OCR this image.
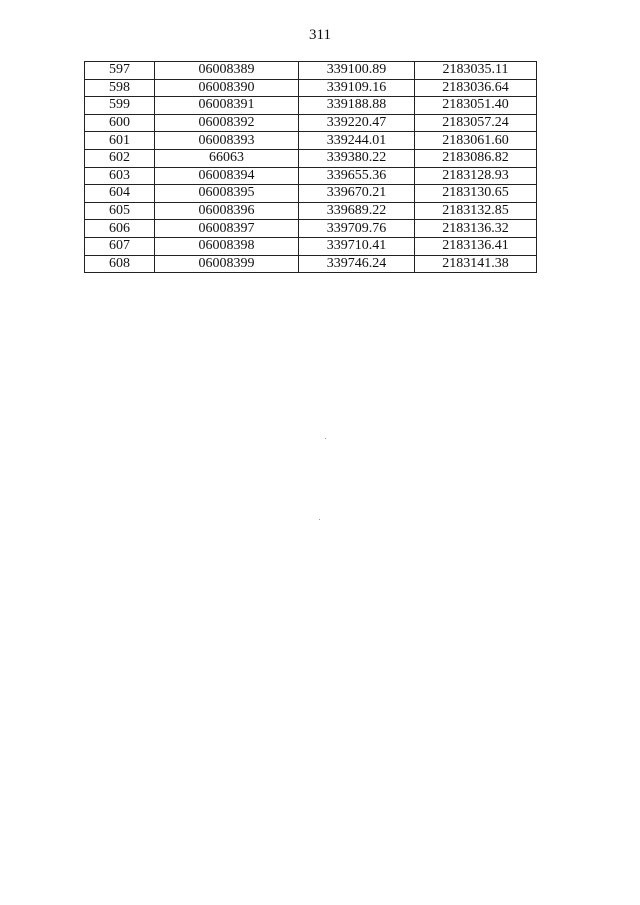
311
597	06008389	339100.89	2183035.11
598	06008390	339109.16	2183036.64
599	06008391	339188.88	2183051.40
600	06008392	339220.47	2183057.24
601	06008393	339244.01	2183061.60
602	66063	339380.22	2183086.82
603	06008394	339655.36	2183128.93
604	06008395	339670.21	2183130.65
605	06008396	339689.22	2183132.85
606	06008397	339709.76	2183136.32
607	06008398	339710.41	2183136.41
608	06008399	339746.24	2183141.38
